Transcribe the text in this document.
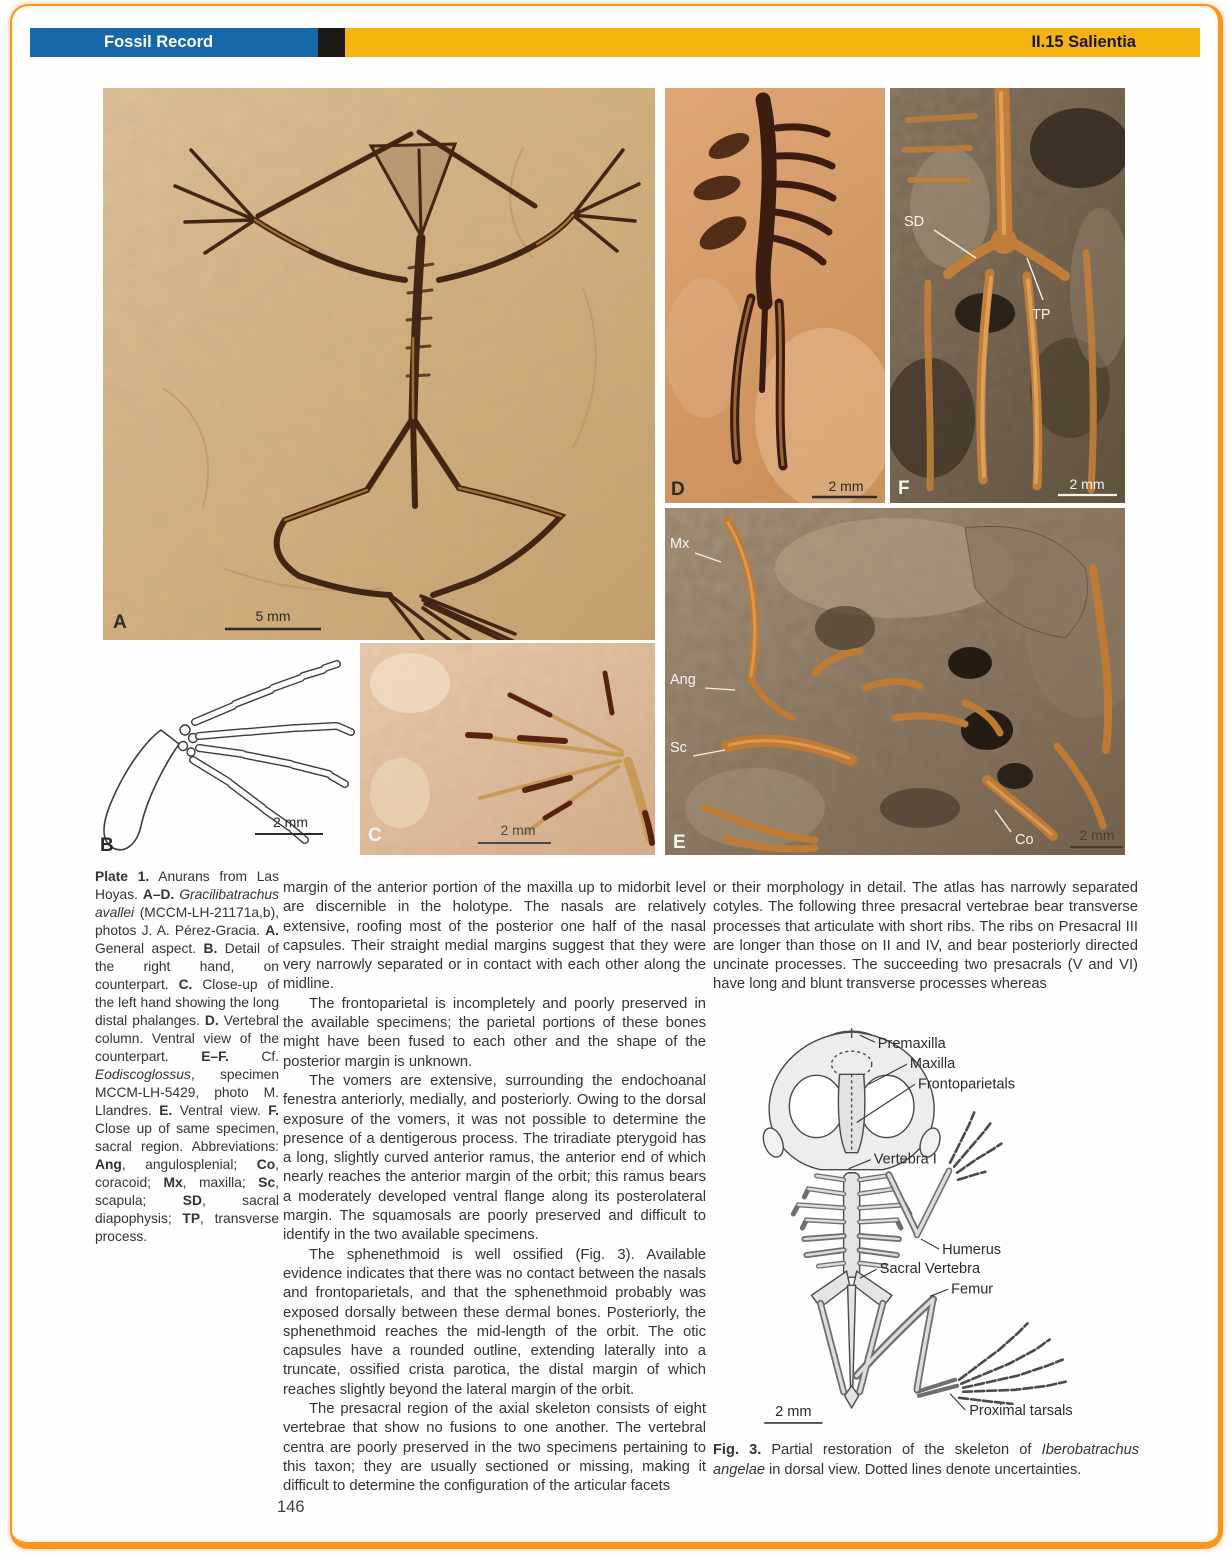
Fossil Record	II.15 Salientia
A	5 mm
D	2 mm
SD
TP
F	2 mm
Mx
Ang
Sc
Co
E	2 mm
2 mm
B
2 mm
C
Plate 1. Anurans from Las Hoyas. A–D. Gracilibatrachus avallei (MCCM-LH-21171a,b), photos J. A. Pérez-Gracia. A. General aspect. B. Detail of the right hand, on counterpart. C. Close-up of the left hand showing the long distal phalanges. D. Vertebral column. Ventral view of the counterpart. E–F. Cf. Eodiscoglossus, specimen MCCM-LH-5429, photo M. Llandres. E. Ventral view. F. Close up of same specimen, sacral region. Abbreviations: Ang, angulosplenial; Co, coracoid; Mx, maxilla; Sc, scapula; SD, sacral diapophysis; TP, transverse process.

margin of the anterior portion of the maxilla up to midorbit level are discernible in the holotype. The nasals are relatively extensive, roofing most of the posterior one half of the nasal capsules. Their straight medial margins suggest that they were very narrowly separated or in contact with each other along the midline.

The frontoparietal is incompletely and poorly preserved in the available specimens; the parietal portions of these bones might have been fused to each other and the shape of the posterior margin is unknown.

The vomers are extensive, surrounding the endochoanal fenestra anteriorly, medially, and posteriorly. Owing to the dorsal exposure of the vomers, it was not possible to determine the presence of a dentigerous process. The triradiate pterygoid has a long, slightly curved anterior ramus, the anterior end of which nearly reaches the anterior margin of the orbit; this ramus bears a moderately developed ventral flange along its posterolateral margin. The squamosals are poorly preserved and difficult to identify in the two available specimens.

The sphenethmoid is well ossified (Fig. 3). Available evidence indicates that there was no contact between the nasals and frontoparietals, and that the sphenethmoid probably was exposed dorsally between these dermal bones. Posteriorly, the sphenethmoid reaches the mid-length of the orbit. The otic capsules have a rounded outline, extending laterally into a truncate, ossified crista parotica, the distal margin of which reaches slightly beyond the lateral margin of the orbit.

The presacral region of the axial skeleton consists of eight vertebrae that show no fusions to one another. The vertebral centra are poorly preserved in the two specimens pertaining to this taxon; they are usually sectioned or missing, making it difficult to determine the configuration of the articular facets

or their morphology in detail. The atlas has narrowly separated cotyles. The following three presacral vertebrae bear transverse processes that articulate with short ribs. The ribs on Presacral III are longer than those on II and IV, and bear posteriorly directed uncinate processes. The succeeding two presacrals (V and VI) have long and blunt transverse processes whereas

Premaxilla
Maxilla
Frontoparietals
Vertebra I
Humerus
Sacral Vertebra
Femur
Proximal tarsals
2 mm
Fig. 3. Partial restoration of the skeleton of Iberobatrachus angelae in dorsal view. Dotted lines denote uncertainties.
146
